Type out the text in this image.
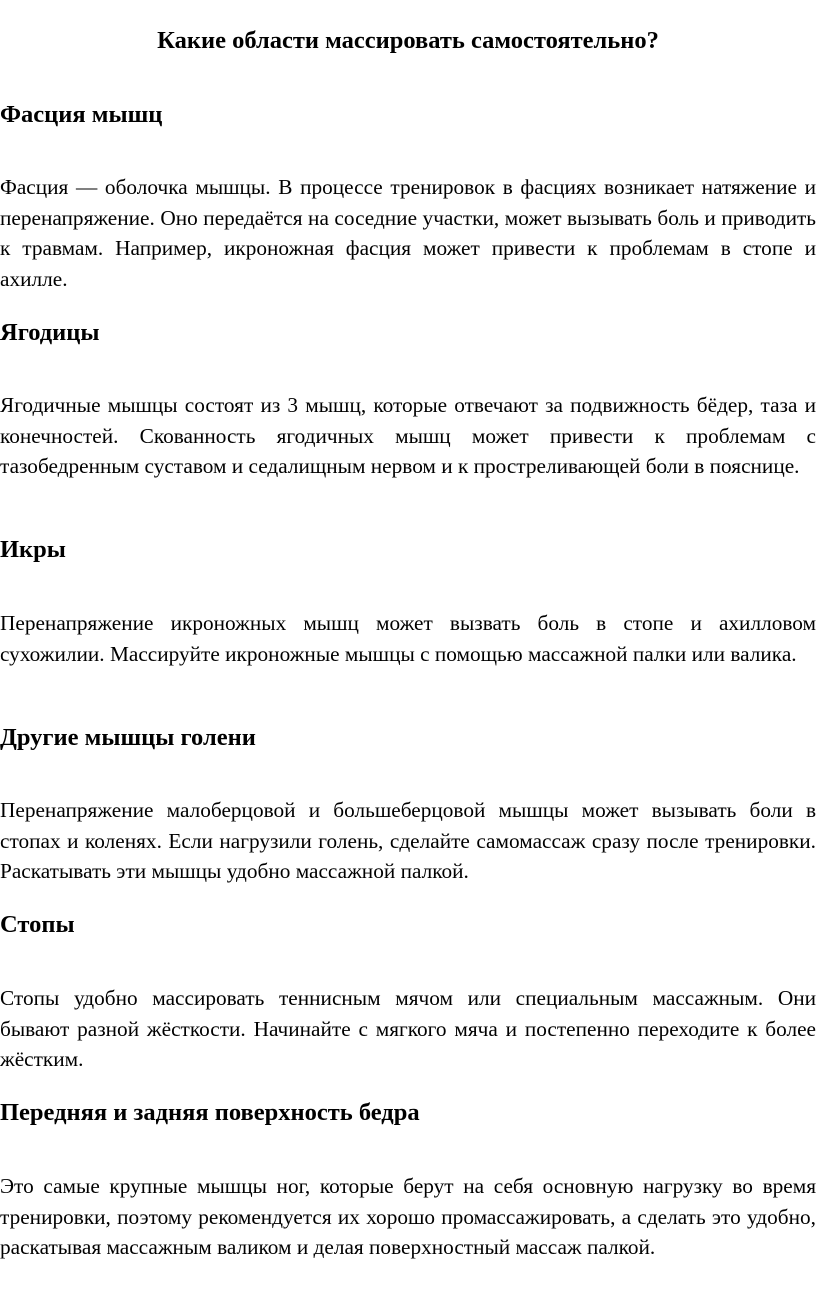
Какие области массировать самостоятельно?
Фасция мышц

Фасция — оболочка мышцы. В процессе тренировок в фасциях возникает натяжение и перенапряжение. Оно передаётся на соседние участки, может вызывать боль и приводить к травмам. Например, икроножная фасция может привести к проблемам в стопе и ахилле.

Ягодицы

Ягодичные мышцы состоят из 3 мышц, которые отвечают за подвижность бёдер, таза и конечностей. Скованность ягодичных мышц может привести к проблемам с тазобедренным суставом и седалищным нервом и к простреливающей боли в пояснице.

Икры

Перенапряжение икроножных мышц может вызвать боль в стопе и ахилловом сухожилии. Массируйте икроножные мышцы с помощью массажной палки или валика.

Другие мышцы голени

Перенапряжение малоберцовой и большеберцовой мышцы может вызывать боли в стопах и коленях. Если нагрузили голень, сделайте самомассаж сразу после тренировки. Раскатывать эти мышцы удобно массажной палкой.

Стопы

Стопы удобно массировать теннисным мячом или специальным массажным. Они бывают разной жёсткости. Начинайте с мягкого мяча и постепенно переходите к более жёстким.

Передняя и задняя поверхность бедра

Это самые крупные мышцы ног, которые берут на себя основную нагрузку во время тренировки, поэтому рекомендуется их хорошо промассажировать, а сделать это удобно, раскатывая массажным валиком и делая поверхностный массаж палкой.
